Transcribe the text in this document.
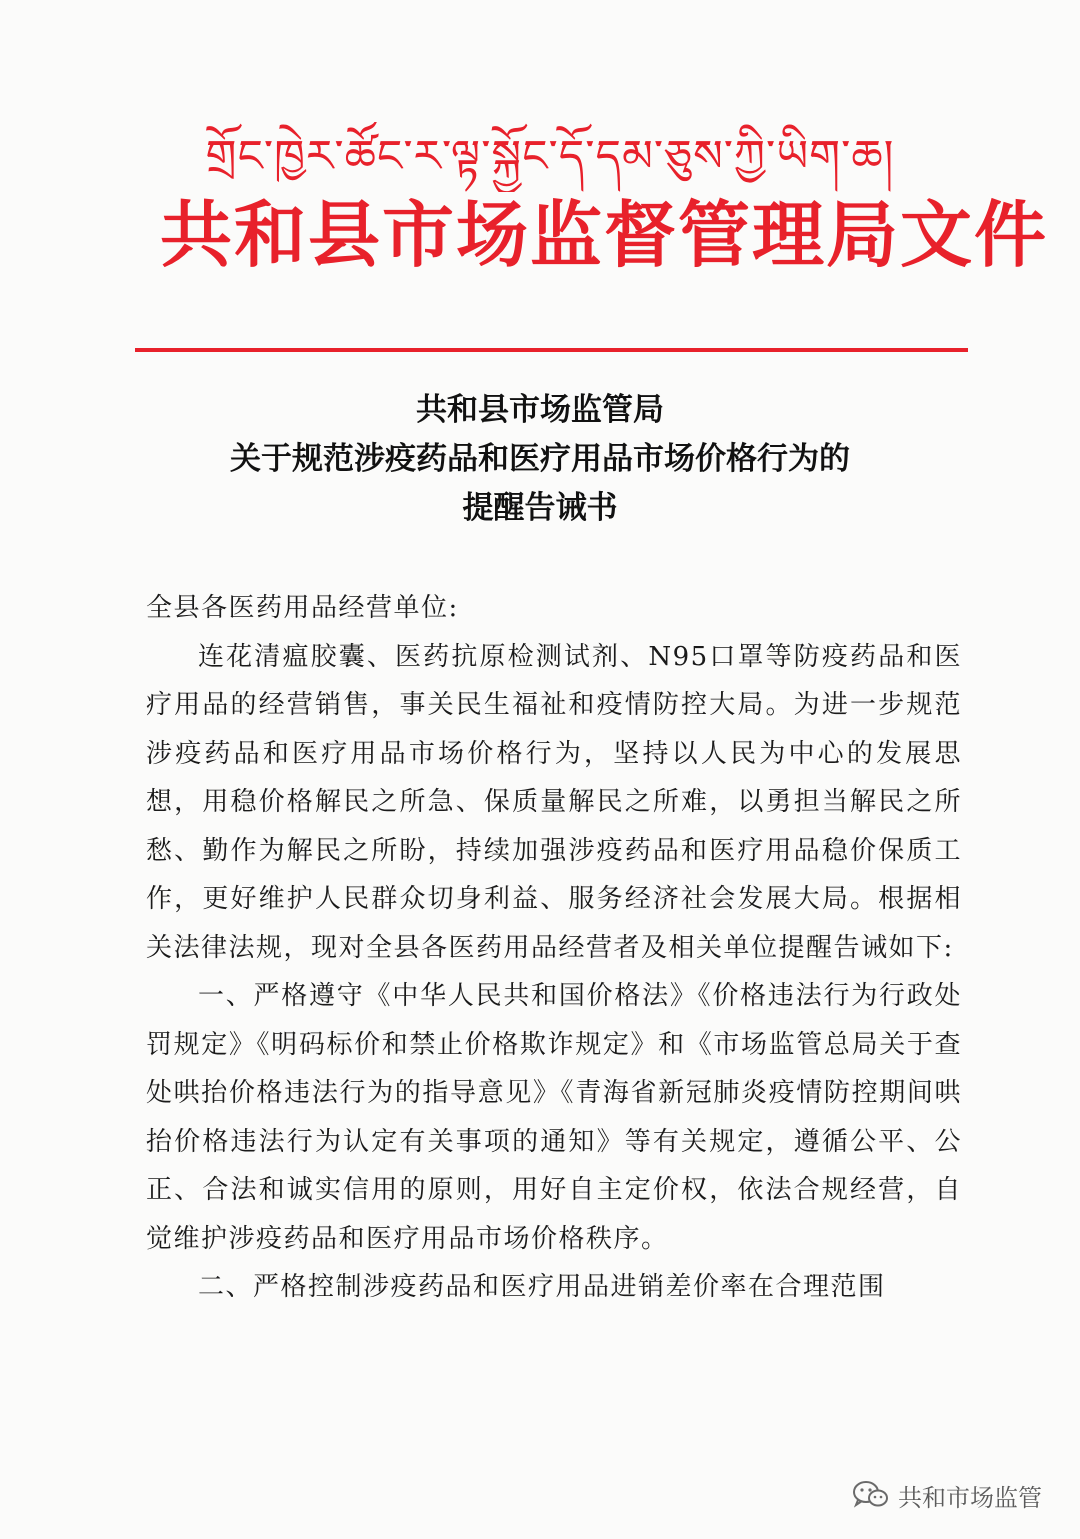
གྲོང་ཁྱེར་ཚོང་ར་ལྟ་སྐྱོང་དོ་དམ་ཅུས་ཀྱི་ཡིག་ཆ།
共和县市场监督管理局文件
共和县市场监管局
关于规范涉疫药品和医疗用品市场价格行为的
提醒告诫书

全县各医药用品经营单位:

连花清瘟胶囊、医药抗原检测试剂、N95口罩等防疫药品和医疗用品的经营销售，事关民生福祉和疫情防控大局。为进一步规范涉疫药品和医疗用品市场价格行为，坚持以人民为中心的发展思想，用稳价格解民之所急、保质量解民之所难，以勇担当解民之所愁、勤作为解民之所盼，持续加强涉疫药品和医疗用品稳价保质工作，更好维护人民群众切身利益、服务经济社会发展大局。根据相关法律法规，现对全县各医药用品经营者及相关单位提醒告诫如下:

一、严格遵守《中华人民共和国价格法》《价格违法行为行政处罚规定》《明码标价和禁止价格欺诈规定》和《市场监管总局关于查处哄抬价格违法行为的指导意见》《青海省新冠肺炎疫情防控期间哄抬价格违法行为认定有关事项的通知》等有关规定，遵循公平、公正、合法和诚实信用的原则，用好自主定价权，依法合规经营，自觉维护涉疫药品和医疗用品市场价格秩序。

二、严格控制涉疫药品和医疗用品进销差价率在合理范围

共和市场监管
